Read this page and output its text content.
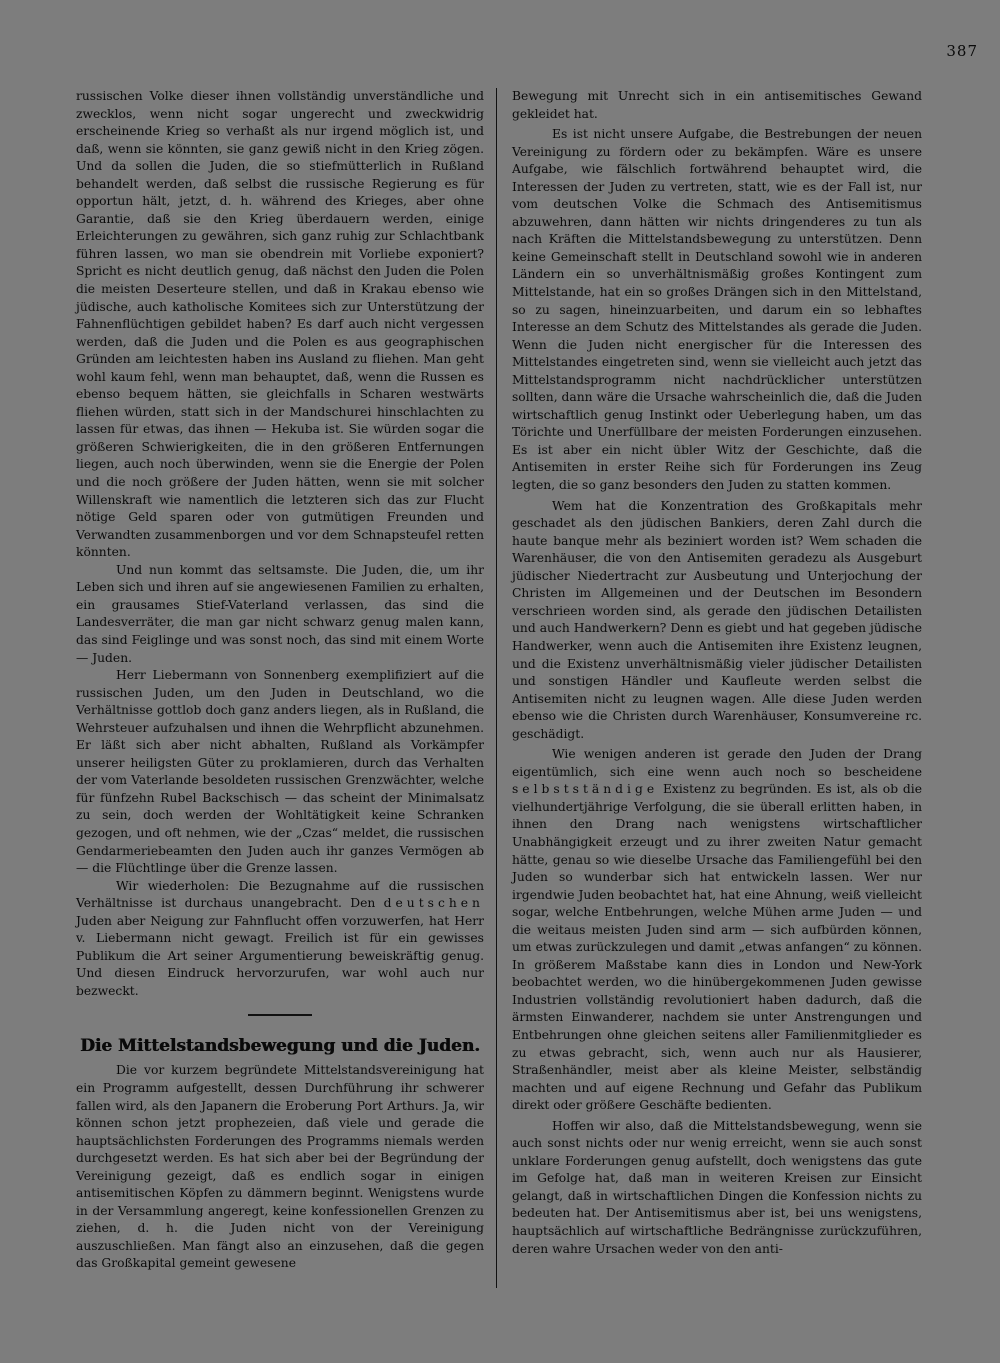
387

russischen Volke dieser ihnen vollständig unverständliche und zwecklos, wenn nicht sogar ungerecht und zweckwidrig erscheinende Krieg so verhaßt als nur irgend möglich ist, und daß, wenn sie könnten, sie ganz gewiß nicht in den Krieg zögen. Und da sollen die Juden, die so stiefmütterlich in Rußland behandelt werden, daß selbst die russische Regierung es für opportun hält, jetzt, d. h. während des Krieges, aber ohne Garantie, daß sie den Krieg überdauern werden, einige Erleichterungen zu gewähren, sich ganz ruhig zur Schlachtbank führen lassen, wo man sie obendrein mit Vorliebe exponiert? Spricht es nicht deutlich genug, daß nächst den Juden die Polen die meisten Deserteure stellen, und daß in Krakau ebenso wie jüdische, auch katholische Komitees sich zur Unterstützung der Fahnenflüchtigen gebildet haben? Es darf auch nicht vergessen werden, daß die Juden und die Polen es aus geographischen Gründen am leichtesten haben ins Ausland zu fliehen. Man geht wohl kaum fehl, wenn man behauptet, daß, wenn die Russen es ebenso bequem hätten, sie gleichfalls in Scharen westwärts fliehen würden, statt sich in der Mandschurei hinschlachten zu lassen für etwas, das ihnen — Hekuba ist. Sie würden sogar die größeren Schwierigkeiten, die in den größeren Entfernungen liegen, auch noch überwinden, wenn sie die Energie der Polen und die noch größere der Juden hätten, wenn sie mit solcher Willenskraft wie namentlich die letzteren sich das zur Flucht nötige Geld sparen oder von gutmütigen Freunden und Verwandten zusammenborgen und vor dem Schnapsteufel retten könnten.

Und nun kommt das seltsamste. Die Juden, die, um ihr Leben sich und ihren auf sie angewiesenen Familien zu erhalten, ein grausames Stief-Vaterland verlassen, das sind die Landesverräter, die man gar nicht schwarz genug malen kann, das sind Feiglinge und was sonst noch, das sind mit einem Worte — Juden.

Herr Liebermann von Sonnenberg exemplifiziert auf die russischen Juden, um den Juden in Deutschland, wo die Verhältnisse gottlob doch ganz anders liegen, als in Rußland, die Wehrsteuer aufzuhalsen und ihnen die Wehrpflicht abzunehmen. Er läßt sich aber nicht abhalten, Rußland als Vorkämpfer unserer heiligsten Güter zu proklamieren, durch das Verhalten der vom Vaterlande besoldeten russischen Grenzwächter, welche für fünfzehn Rubel Backschisch — das scheint der Minimalsatz zu sein, doch werden der Wohltätigkeit keine Schranken gezogen, und oft nehmen, wie der „Czas“ meldet, die russischen Gendarmeriebeamten den Juden auch ihr ganzes Vermögen ab — die Flüchtlinge über die Grenze lassen.

Wir wiederholen: Die Bezugnahme auf die russischen Verhältnisse ist durchaus unangebracht. Den deutschen Juden aber Neigung zur Fahnflucht offen vorzuwerfen, hat Herr v. Liebermann nicht gewagt. Freilich ist für ein gewisses Publikum die Art seiner Argumentierung beweiskräftig genug. Und diesen Eindruck hervorzurufen, war wohl auch nur bezweckt.

Die Mittelstandsbewegung und die Juden.

Die vor kurzem begründete Mittelstandsvereinigung hat ein Programm aufgestellt, dessen Durchführung ihr schwerer fallen wird, als den Japanern die Eroberung Port Arthurs. Ja, wir können schon jetzt prophezeien, daß viele und gerade die hauptsächlichsten Forderungen des Programms niemals werden durchgesetzt werden. Es hat sich aber bei der Begründung der Vereinigung gezeigt, daß es endlich sogar in einigen antisemitischen Köpfen zu dämmern beginnt. Wenigstens wurde in der Versammlung angeregt, keine konfessionellen Grenzen zu ziehen, d. h. die Juden nicht von der Vereinigung auszuschließen. Man fängt also an einzusehen, daß die gegen das Großkapital gemeint gewesene

Bewegung mit Unrecht sich in ein antisemitisches Gewand gekleidet hat.

Es ist nicht unsere Aufgabe, die Bestrebungen der neuen Vereinigung zu fördern oder zu bekämpfen. Wäre es unsere Aufgabe, wie fälschlich fortwährend behauptet wird, die Interessen der Juden zu vertreten, statt, wie es der Fall ist, nur vom deutschen Volke die Schmach des Antisemitismus abzuwehren, dann hätten wir nichts dringenderes zu tun als nach Kräften die Mittelstandsbewegung zu unterstützen. Denn keine Gemeinschaft stellt in Deutschland sowohl wie in anderen Ländern ein so unverhältnismäßig großes Kontingent zum Mittelstande, hat ein so großes Drängen sich in den Mittelstand, so zu sagen, hineinzuarbeiten, und darum ein so lebhaftes Interesse an dem Schutz des Mittelstandes als gerade die Juden. Wenn die Juden nicht energischer für die Interessen des Mittelstandes eingetreten sind, wenn sie vielleicht auch jetzt das Mittelstandsprogramm nicht nachdrücklicher unterstützen sollten, dann wäre die Ursache wahrscheinlich die, daß die Juden wirtschaftlich genug Instinkt oder Ueberlegung haben, um das Törichte und Unerfüllbare der meisten Forderungen einzusehen. Es ist aber ein nicht übler Witz der Geschichte, daß die Antisemiten in erster Reihe sich für Forderungen ins Zeug legten, die so ganz besonders den Juden zu statten kommen.

Wem hat die Konzentration des Großkapitals mehr geschadet als den jüdischen Bankiers, deren Zahl durch die haute banque mehr als beziniert worden ist? Wem schaden die Warenhäuser, die von den Antisemiten geradezu als Ausgeburt jüdischer Niedertracht zur Ausbeutung und Unterjochung der Christen im Allgemeinen und der Deutschen im Besondern verschrieen worden sind, als gerade den jüdischen Detailisten und auch Handwerkern? Denn es giebt und hat gegeben jüdische Handwerker, wenn auch die Antisemiten ihre Existenz leugnen, und die Existenz unverhältnismäßig vieler jüdischer Detailisten und sonstigen Händler und Kaufleute werden selbst die Antisemiten nicht zu leugnen wagen. Alle diese Juden werden ebenso wie die Christen durch Warenhäuser, Konsumvereine rc. geschädigt.

Wie wenigen anderen ist gerade den Juden der Drang eigentümlich, sich eine wenn auch noch so bescheidene selbstständige Existenz zu begründen. Es ist, als ob die vielhundertjährige Verfolgung, die sie überall erlitten haben, in ihnen den Drang nach wenigstens wirtschaftlicher Unabhängigkeit erzeugt und zu ihrer zweiten Natur gemacht hätte, genau so wie dieselbe Ursache das Familiengefühl bei den Juden so wunderbar sich hat entwickeln lassen. Wer nur irgendwie Juden beobachtet hat, hat eine Ahnung, weiß vielleicht sogar, welche Entbehrungen, welche Mühen arme Juden — und die weitaus meisten Juden sind arm — sich aufbürden können, um etwas zurückzulegen und damit „etwas anfangen“ zu können. In größerem Maßstabe kann dies in London und New-York beobachtet werden, wo die hinübergekommenen Juden gewisse Industrien vollständig revolutioniert haben dadurch, daß die ärmsten Einwanderer, nachdem sie unter Anstrengungen und Entbehrungen ohne gleichen seitens aller Familienmitglieder es zu etwas gebracht, sich, wenn auch nur als Hausierer, Straßenhändler, meist aber als kleine Meister, selbständig machten und auf eigene Rechnung und Gefahr das Publikum direkt oder größere Geschäfte bedienten.

Hoffen wir also, daß die Mittelstandsbewegung, wenn sie auch sonst nichts oder nur wenig erreicht, wenn sie auch sonst unklare Forderungen genug aufstellt, doch wenigstens das gute im Gefolge hat, daß man in weiteren Kreisen zur Einsicht gelangt, daß in wirtschaftlichen Dingen die Konfession nichts zu bedeuten hat. Der Antisemitismus aber ist, bei uns wenigstens, hauptsächlich auf wirtschaftliche Bedrängnisse zurückzuführen, deren wahre Ursachen weder von den anti-
